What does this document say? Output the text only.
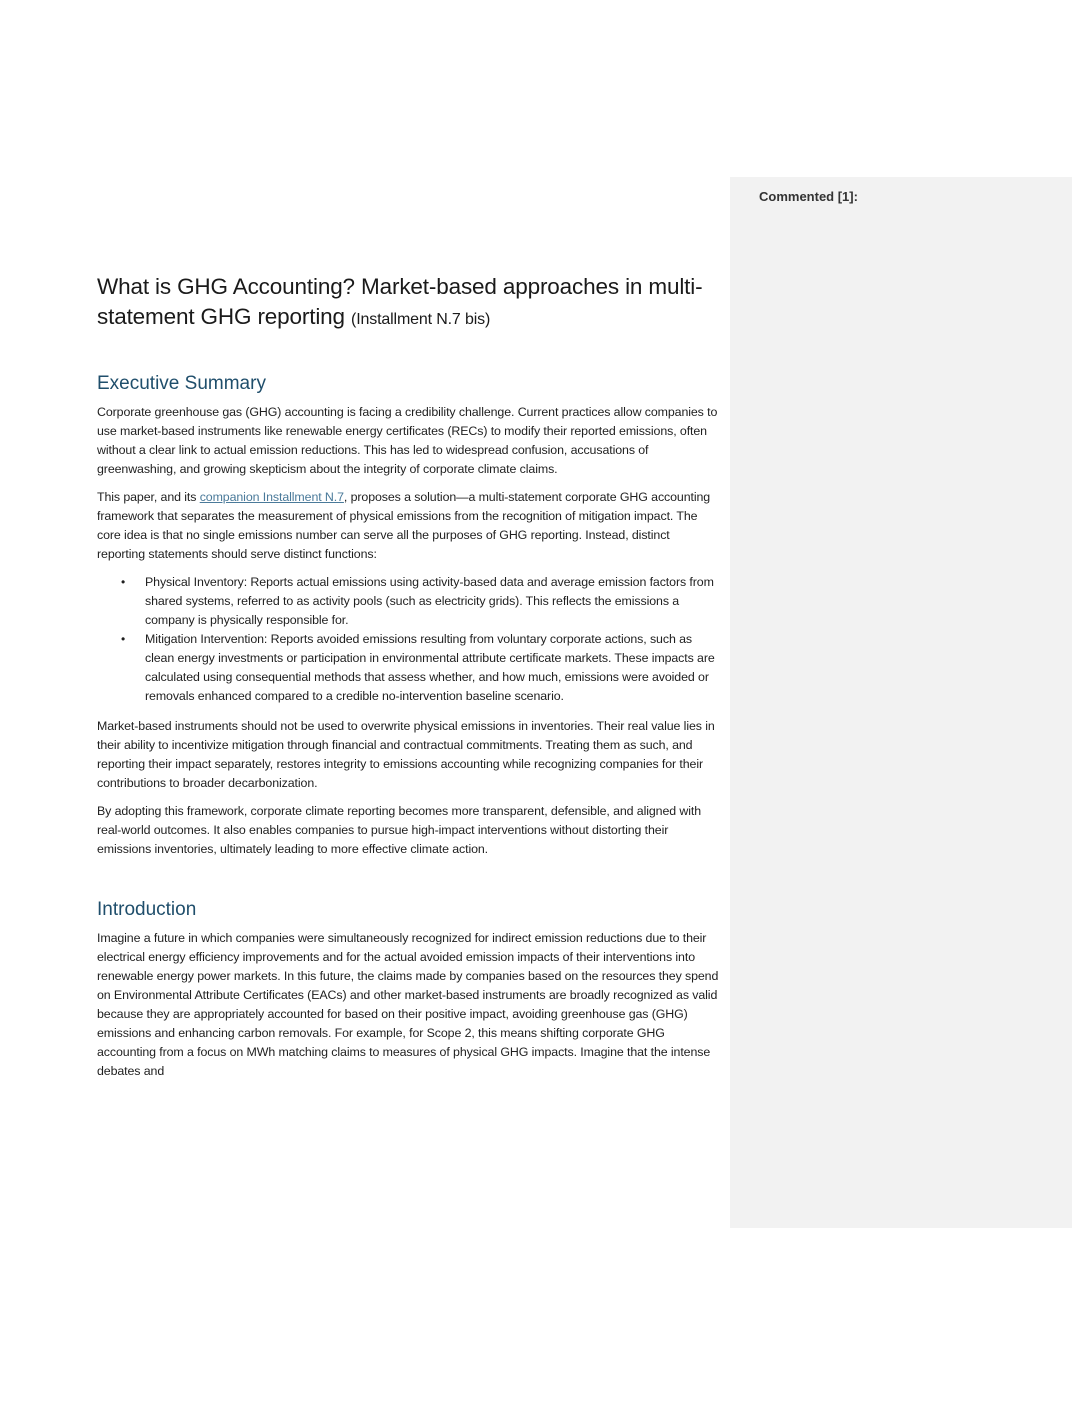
Commented [1]:
What is GHG Accounting? Market-based approaches in multi-statement GHG reporting (Installment N.7 bis)
Executive Summary

Corporate greenhouse gas (GHG) accounting is facing a credibility challenge. Current practices allow companies to use market-based instruments like renewable energy certificates (RECs) to modify their reported emissions, often without a clear link to actual emission reductions. This has led to widespread confusion, accusations of greenwashing, and growing skepticism about the integrity of corporate climate claims.

This paper, and its companion Installment N.7, proposes a solution—a multi-statement corporate GHG accounting framework that separates the measurement of physical emissions from the recognition of mitigation impact. The core idea is that no single emissions number can serve all the purposes of GHG reporting. Instead, distinct reporting statements should serve distinct functions:

• Physical Inventory: Reports actual emissions using activity-based data and average emission factors from shared systems, referred to as activity pools (such as electricity grids). This reflects the emissions a company is physically responsible for.
• Mitigation Intervention: Reports avoided emissions resulting from voluntary corporate actions, such as clean energy investments or participation in environmental attribute certificate markets. These impacts are calculated using consequential methods that assess whether, and how much, emissions were avoided or removals enhanced compared to a credible no-intervention baseline scenario.

Market-based instruments should not be used to overwrite physical emissions in inventories. Their real value lies in their ability to incentivize mitigation through financial and contractual commitments. Treating them as such, and reporting their impact separately, restores integrity to emissions accounting while recognizing companies for their contributions to broader decarbonization.

By adopting this framework, corporate climate reporting becomes more transparent, defensible, and aligned with real-world outcomes. It also enables companies to pursue high-impact interventions without distorting their emissions inventories, ultimately leading to more effective climate action.

Introduction

Imagine a future in which companies were simultaneously recognized for indirect emission reductions due to their electrical energy efficiency improvements and for the actual avoided emission impacts of their interventions into renewable energy power markets. In this future, the claims made by companies based on the resources they spend on Environmental Attribute Certificates (EACs) and other market-based instruments are broadly recognized as valid because they are appropriately accounted for based on their positive impact, avoiding greenhouse gas (GHG) emissions and enhancing carbon removals. For example, for Scope 2, this means shifting corporate GHG accounting from a focus on MWh matching claims to measures of physical GHG impacts. Imagine that the intense debates and
